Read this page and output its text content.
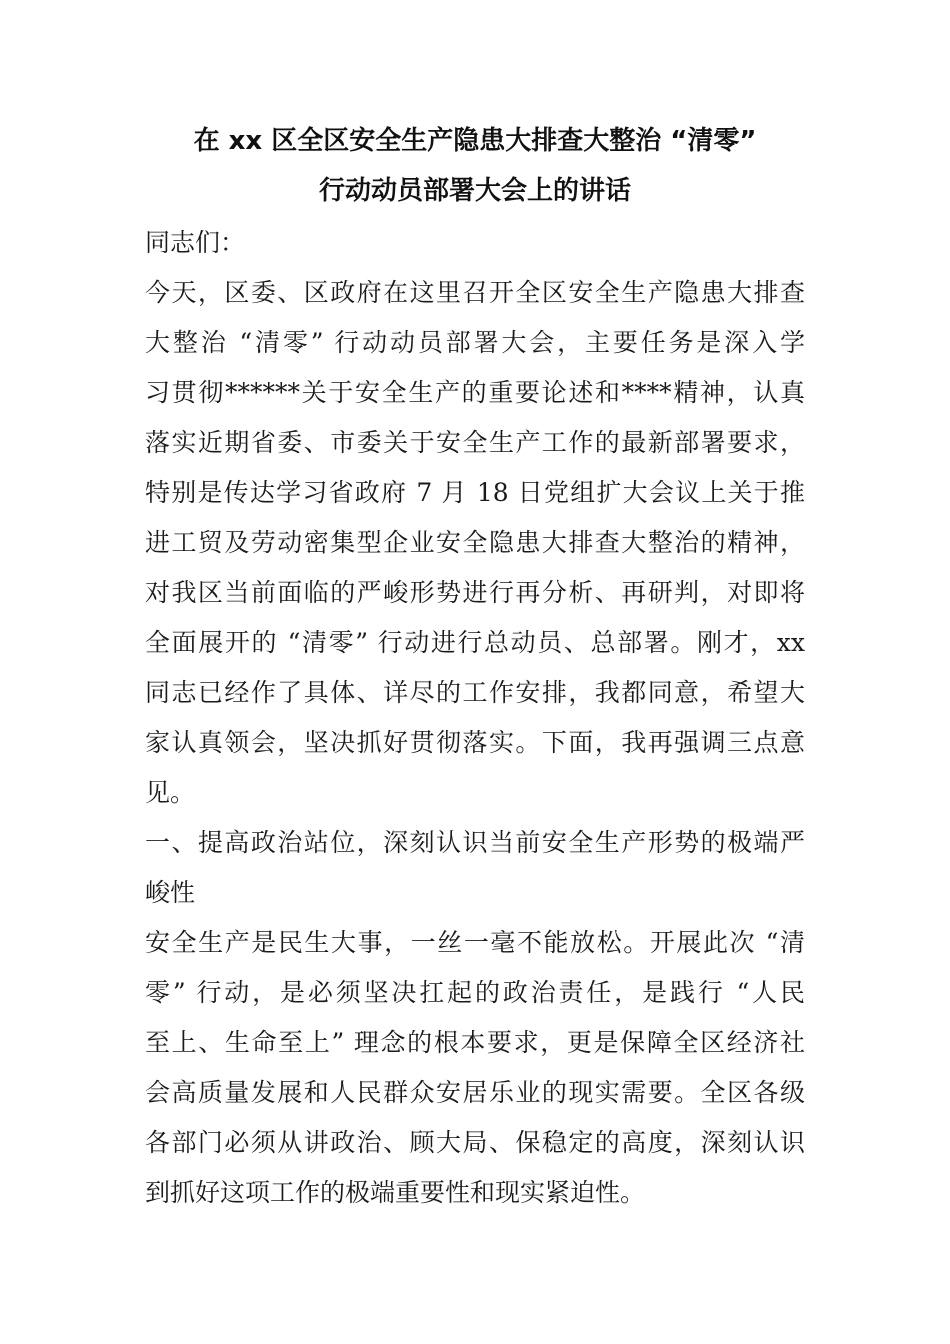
在 xx 区全区安全生产隐患大排查大整治 “清零”
行动动员部署大会上的讲话
同志们：
今天，区委、区政府在这里召开全区安全生产隐患大排查
大整治 “清零” 行动动员部署大会，主要任务是深入学
习贯彻******关于安全生产的重要论述和****精神，认真
落实近期省委、市委关于安全生产工作的最新部署要求，
特别是传达学习省政府 7 月 18 日党组扩大会议上关于推
进工贸及劳动密集型企业安全隐患大排查大整治的精神，
对我区当前面临的严峻形势进行再分析、再研判，对即将
全面展开的 “清零” 行动进行总动员、总部署。刚才，xx
同志已经作了具体、详尽的工作安排，我都同意，希望大
家认真领会，坚决抓好贯彻落实。下面，我再强调三点意
见。
一、提高政治站位，深刻认识当前安全生产形势的极端严
峻性
安全生产是民生大事，一丝一毫不能放松。开展此次 “清
零” 行动，是必须坚决扛起的政治责任，是践行 “人民
至上、生命至上” 理念的根本要求，更是保障全区经济社
会高质量发展和人民群众安居乐业的现实需要。全区各级
各部门必须从讲政治、顾大局、保稳定的高度，深刻认识
到抓好这项工作的极端重要性和现实紧迫性。
